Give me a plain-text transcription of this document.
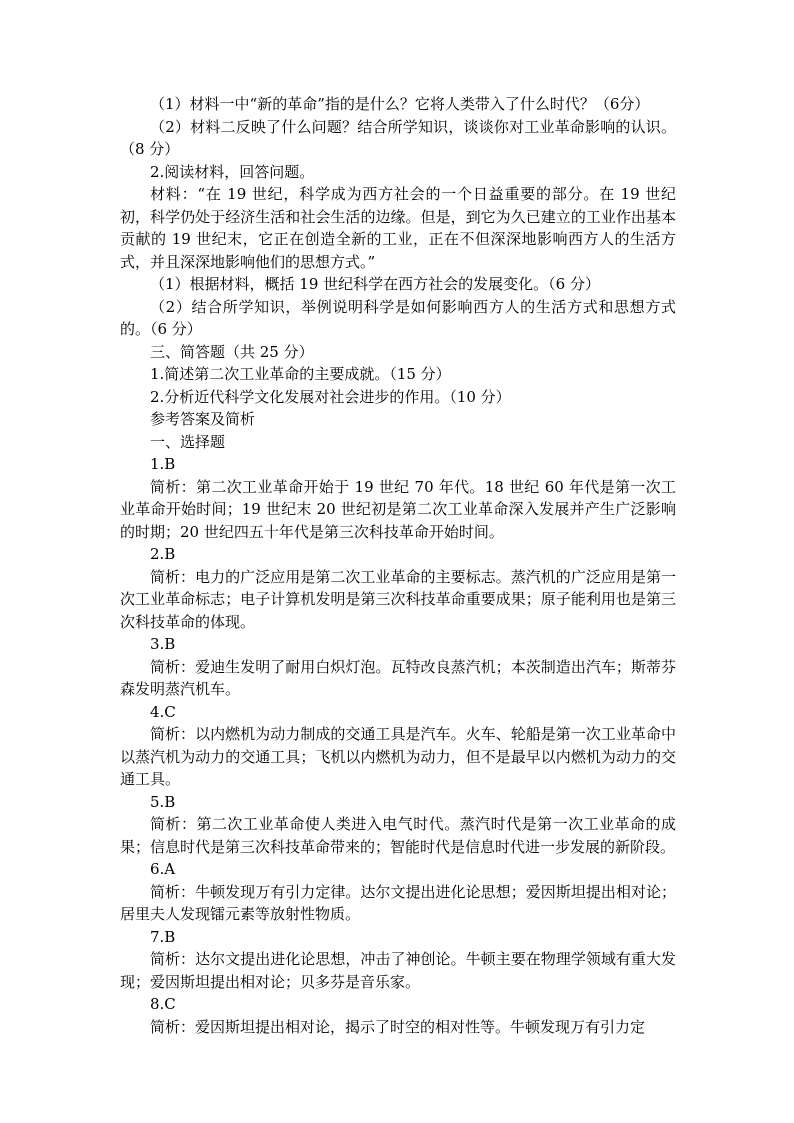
（1）材料一中“新的革命”指的是什么？它将人类带入了什么时代？（6分）

（2）材料二反映了什么问题？结合所学知识，谈谈你对工业革命影响的认识。（8 分）

2.阅读材料，回答问题。

材料：“在 19 世纪，科学成为西方社会的一个日益重要的部分。在 19 世纪初，科学仍处于经济生活和社会生活的边缘。但是，到它为久已建立的工业作出基本贡献的 19 世纪末，它正在创造全新的工业，正在不但深深地影响西方人的生活方式，并且深深地影响他们的思想方式。”

（1）根据材料，概括 19 世纪科学在西方社会的发展变化。（6 分）

（2）结合所学知识，举例说明科学是如何影响西方人的生活方式和思想方式的。（6 分）

三、简答题（共 25 分）

1.简述第二次工业革命的主要成就。（15 分）

2.分析近代科学文化发展对社会进步的作用。（10 分）

参考答案及简析

一、选择题

1.B

简析：第二次工业革命开始于 19 世纪 70 年代。18 世纪 60 年代是第一次工业革命开始时间；19 世纪末 20 世纪初是第二次工业革命深入发展并产生广泛影响的时期；20 世纪四五十年代是第三次科技革命开始时间。

2.B

简析：电力的广泛应用是第二次工业革命的主要标志。蒸汽机的广泛应用是第一次工业革命标志；电子计算机发明是第三次科技革命重要成果；原子能利用也是第三次科技革命的体现。

3.B

简析：爱迪生发明了耐用白炽灯泡。瓦特改良蒸汽机；本茨制造出汽车；斯蒂芬森发明蒸汽机车。

4.C

简析：以内燃机为动力制成的交通工具是汽车。火车、轮船是第一次工业革命中以蒸汽机为动力的交通工具；飞机以内燃机为动力，但不是最早以内燃机为动力的交通工具。

5.B

简析：第二次工业革命使人类进入电气时代。蒸汽时代是第一次工业革命的成果；信息时代是第三次科技革命带来的；智能时代是信息时代进一步发展的新阶段。

6.A

简析：牛顿发现万有引力定律。达尔文提出进化论思想；爱因斯坦提出相对论；居里夫人发现镭元素等放射性物质。

7.B

简析：达尔文提出进化论思想，冲击了神创论。牛顿主要在物理学领域有重大发现；爱因斯坦提出相对论；贝多芬是音乐家。

8.C

简析：爱因斯坦提出相对论，揭示了时空的相对性等。牛顿发现万有引力定
